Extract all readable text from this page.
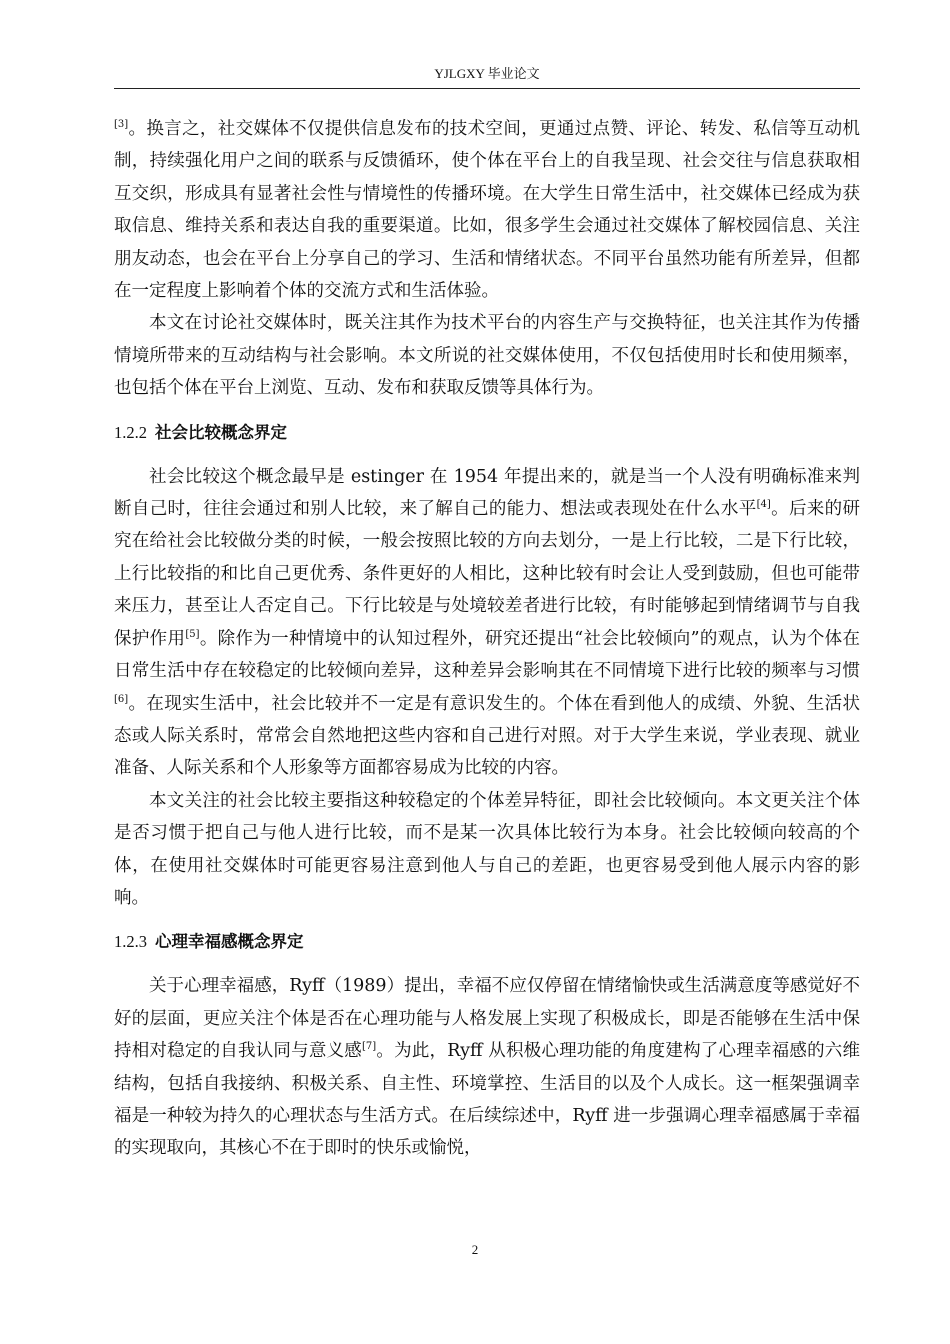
YJLGXY 毕业论文

[3]。换言之，社交媒体不仅提供信息发布的技术空间，更通过点赞、评论、转发、私信等互动机制，持续强化用户之间的联系与反馈循环，使个体在平台上的自我呈现、社会交往与信息获取相互交织，形成具有显著社会性与情境性的传播环境。在大学生日常生活中，社交媒体已经成为获取信息、维持关系和表达自我的重要渠道。比如，很多学生会通过社交媒体了解校园信息、关注朋友动态，也会在平台上分享自己的学习、生活和情绪状态。不同平台虽然功能有所差异，但都在一定程度上影响着个体的交流方式和生活体验。

本文在讨论社交媒体时，既关注其作为技术平台的内容生产与交换特征，也关注其作为传播情境所带来的互动结构与社会影响。本文所说的社交媒体使用，不仅包括使用时长和使用频率，也包括个体在平台上浏览、互动、发布和获取反馈等具体行为。

1.2.2 社会比较概念界定

社会比较这个概念最早是 estinger 在 1954 年提出来的，就是当一个人没有明确标准来判断自己时，往往会通过和别人比较，来了解自己的能力、想法或表现处在什么水平[4]。后来的研究在给社会比较做分类的时候，一般会按照比较的方向去划分，一是上行比较，二是下行比较，上行比较指的和比自己更优秀、条件更好的人相比，这种比较有时会让人受到鼓励，但也可能带来压力，甚至让人否定自己。下行比较是与处境较差者进行比较，有时能够起到情绪调节与自我保护作用[5]。除作为一种情境中的认知过程外，研究还提出“社会比较倾向”的观点，认为个体在日常生活中存在较稳定的比较倾向差异，这种差异会影响其在不同情境下进行比较的频率与习惯[6]。在现实生活中，社会比较并不一定是有意识发生的。个体在看到他人的成绩、外貌、生活状态或人际关系时，常常会自然地把这些内容和自己进行对照。对于大学生来说，学业表现、就业准备、人际关系和个人形象等方面都容易成为比较的内容。

本文关注的社会比较主要指这种较稳定的个体差异特征，即社会比较倾向。本文更关注个体是否习惯于把自己与他人进行比较，而不是某一次具体比较行为本身。社会比较倾向较高的个体，在使用社交媒体时可能更容易注意到他人与自己的差距，也更容易受到他人展示内容的影响。

1.2.3 心理幸福感概念界定

关于心理幸福感，Ryff（1989）提出，幸福不应仅停留在情绪愉快或生活满意度等感觉好不好的层面，更应关注个体是否在心理功能与人格发展上实现了积极成长，即是否能够在生活中保持相对稳定的自我认同与意义感[7]。为此，Ryff 从积极心理功能的角度建构了心理幸福感的六维结构，包括自我接纳、积极关系、自主性、环境掌控、生活目的以及个人成长。这一框架强调幸福是一种较为持久的心理状态与生活方式。在后续综述中，Ryff 进一步强调心理幸福感属于幸福的实现取向，其核心不在于即时的快乐或愉悦，

2
